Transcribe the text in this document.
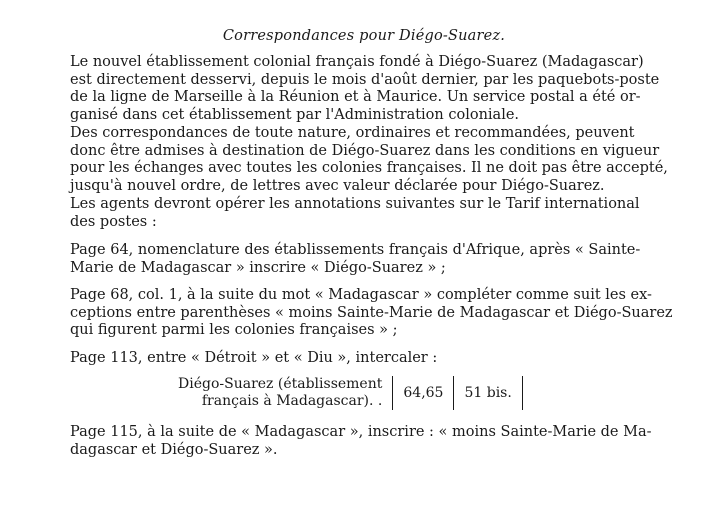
Correspondances pour Diégo-Suarez.
Le nouvel établissement colonial français fondé à Diégo-Suarez (Madagascar)
est directement desservi, depuis le mois d'août dernier, par les paquebots-poste
de la ligne de Marseille à la Réunion et à Maurice. Un service postal a été or-
ganisé dans cet établissement par l'Administration coloniale.
Des correspondances de toute nature, ordinaires et recommandées, peuvent
donc être admises à destination de Diégo-Suarez dans les conditions en vigueur
pour les échanges avec toutes les colonies françaises. Il ne doit pas être accepté,
jusqu'à nouvel ordre, de lettres avec valeur déclarée pour Diégo-Suarez.
Les agents devront opérer les annotations suivantes sur le Tarif international
des postes :
Page 64, nomenclature des établissements français d'Afrique, après « Sainte-
Marie de Madagascar » inscrire « Diégo-Suarez » ;
Page 68, col. 1, à la suite du mot « Madagascar » compléter comme suit les ex-
ceptions entre parenthèses « moins Sainte-Marie de Madagascar et Diégo-Suarez
qui figurent parmi les colonies françaises » ;
Page 113, entre « Détroit » et « Diu », intercaler :
Diégo-Suarez (établissement
français à Madagascar). .	64,65	51 bis.
Page 115, à la suite de « Madagascar », inscrire : « moins Sainte-Marie de Ma-
dagascar et Diégo-Suarez ».
